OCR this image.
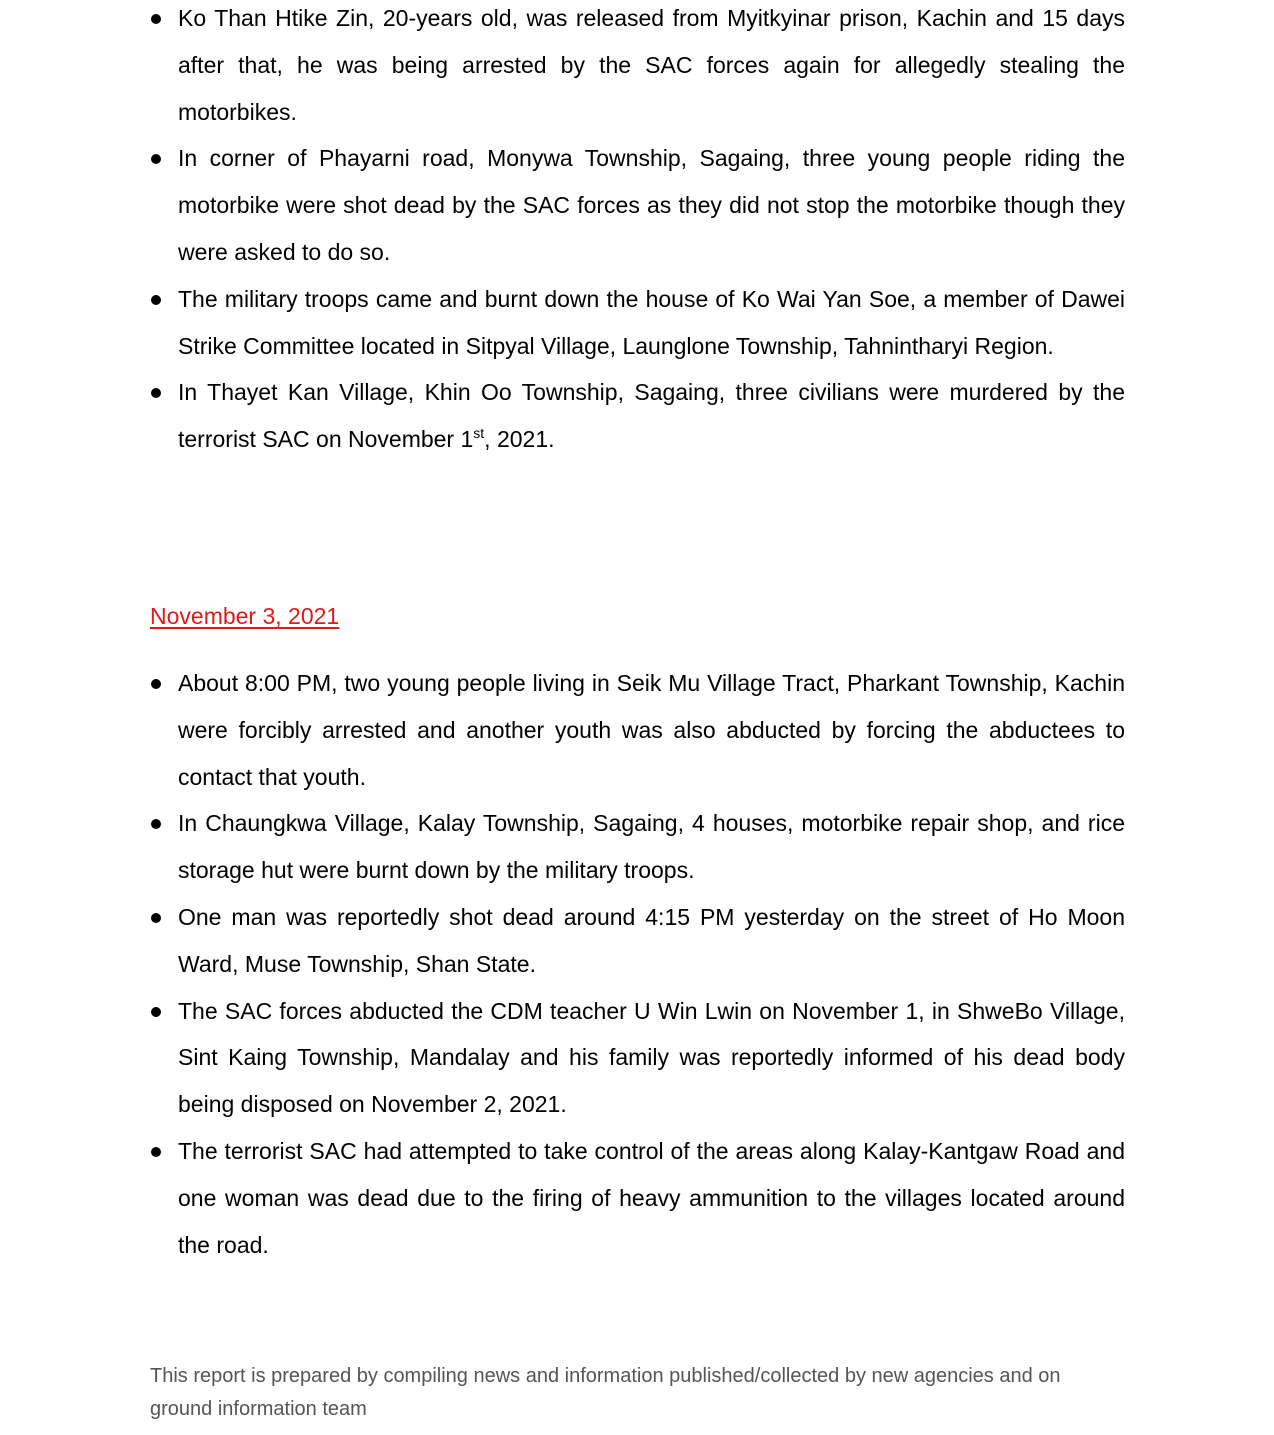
Ko Than Htike Zin, 20-years old, was released from Myitkyinar prison, Kachin and 15 days after that, he was being arrested by the SAC forces again for allegedly stealing the motorbikes.
In corner of Phayarni road, Monywa Township, Sagaing, three young people riding the motorbike were shot dead by the SAC forces as they did not stop the motorbike though they were asked to do so.
The military troops came and burnt down the house of Ko Wai Yan Soe, a member of Dawei Strike Committee located in Sitpyal Village, Launglone Township, Tahnintharyi Region.
In Thayet Kan Village, Khin Oo Township, Sagaing, three civilians were murdered by the terrorist SAC on November 1st, 2021.
November 3, 2021
About 8:00 PM, two young people living in Seik Mu Village Tract, Pharkant Township, Kachin were forcibly arrested and another youth was also abducted by forcing the abductees to contact that youth.
In Chaungkwa Village, Kalay Township, Sagaing, 4 houses, motorbike repair shop, and rice storage hut were burnt down by the military troops.
One man was reportedly shot dead around 4:15 PM yesterday on the street of Ho Moon Ward, Muse Township, Shan State.
The SAC forces abducted the CDM teacher U Win Lwin on November 1, in ShweBo Village, Sint Kaing Township, Mandalay and his family was reportedly informed of his dead body being disposed on November 2, 2021.
The terrorist SAC had attempted to take control of the areas along Kalay-Kantgaw Road and one woman was dead due to the firing of heavy ammunition to the villages located around the road.
This report is prepared by compiling news and information published/collected by new agencies and on ground information team
